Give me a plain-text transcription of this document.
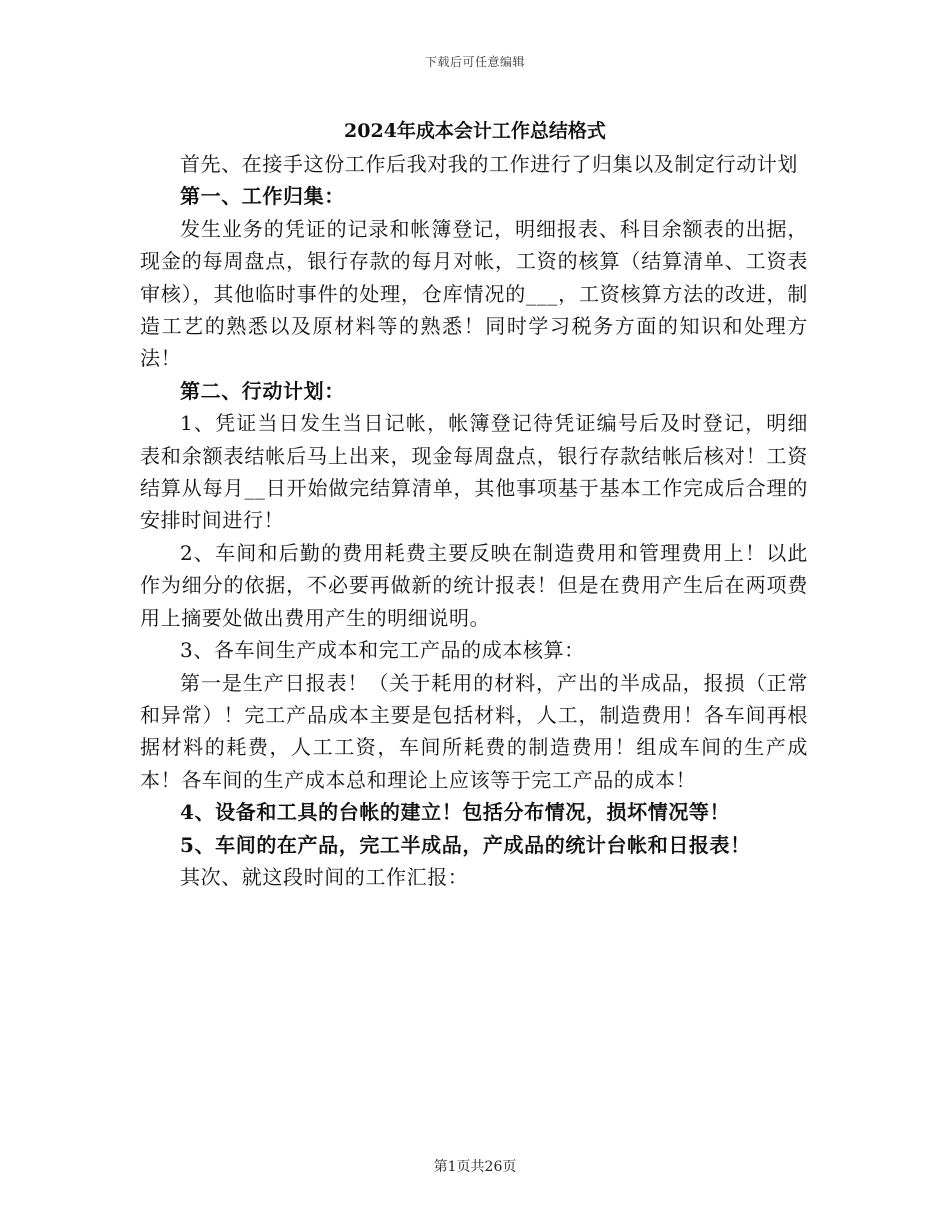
下载后可任意编辑
2024年成本会计工作总结格式

首先、在接手这份工作后我对我的工作进行了归集以及制定行动计划

第一、工作归集：

发生业务的凭证的记录和帐簿登记，明细报表、科目余额表的出据，现金的每周盘点，银行存款的每月对帐，工资的核算（结算清单、工资表审核），其他临时事件的处理，仓库情况的___，工资核算方法的改进，制造工艺的熟悉以及原材料等的熟悉！同时学习税务方面的知识和处理方法！

第二、行动计划：

1、凭证当日发生当日记帐，帐簿登记待凭证编号后及时登记，明细表和余额表结帐后马上出来，现金每周盘点，银行存款结帐后核对！工资结算从每月__日开始做完结算清单，其他事项基于基本工作完成后合理的安排时间进行！

2、车间和后勤的费用耗费主要反映在制造费用和管理费用上！以此作为细分的依据，不必要再做新的统计报表！但是在费用产生后在两项费用上摘要处做出费用产生的明细说明。

3、各车间生产成本和完工产品的成本核算：

第一是生产日报表！（关于耗用的材料，产出的半成品，报损（正常和异常）！完工产品成本主要是包括材料，人工，制造费用！各车间再根据材料的耗费，人工工资，车间所耗费的制造费用！组成车间的生产成本！各车间的生产成本总和理论上应该等于完工产品的成本！

4、设备和工具的台帐的建立！包括分布情况，损坏情况等！

5、车间的在产品，完工半成品，产成品的统计台帐和日报表！

其次、就这段时间的工作汇报：

第1页共26页
